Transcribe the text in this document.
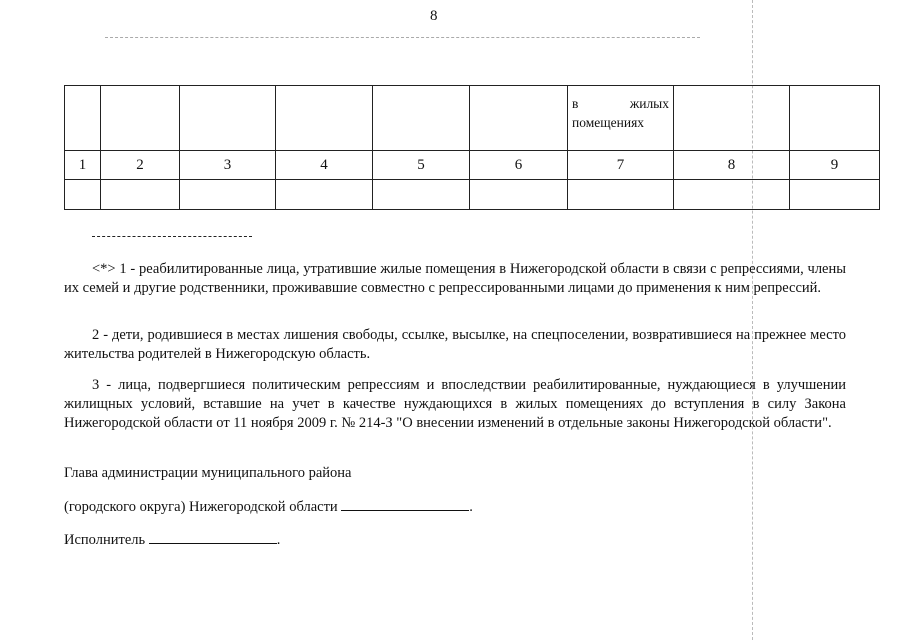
8

						в жилых помещениях		

1	2	3	4	5	6	7	8	9

<*> 1 - реабилитированные лица, утратившие жилые помещения в Нижегородской области в связи с репрессиями, члены их семей и другие родственники, проживавшие совместно с репрессированными лицами до применения к ним репрессий.

2 - дети, родившиеся в местах лишения свободы, ссылке, высылке, на спецпоселении, возвратившиеся на прежнее место жительства родителей в Нижегородскую область.

3 - лица, подвергшиеся политическим репрессиям и впоследствии реабилитированные, нуждающиеся в улучшении жилищных условий, вставшие на учет в качестве нуждающихся в жилых помещениях до вступления в силу Закона Нижегородской области от 11 ноября 2009 г. № 214-З "О внесении изменений в отдельные законы Нижегородской области".

Глава администрации муниципального района

(городского округа) Нижегородской области	.

Исполнитель	.
